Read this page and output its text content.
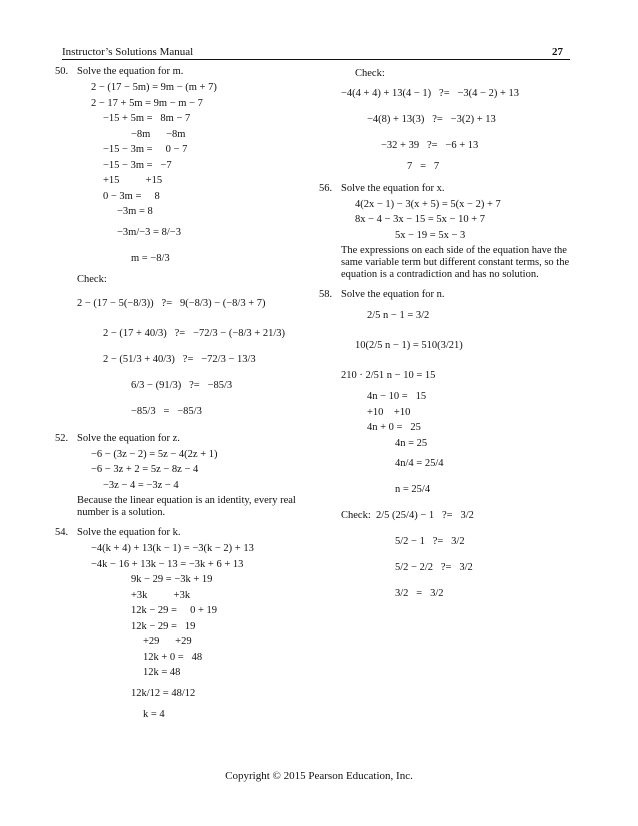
Instructor’s Solutions Manual	27
50. Solve the equation for m.
2 − (17 − 5m) = 9m − (m + 7)
2 − 17 + 5m = 9m − m − 7
−15 + 5m =   8m − 7
−8m      −8m
−15 − 3m =     0 − 7
−15 − 3m =   −7
+15          +15
0 − 3m =     8
−3m = 8
−3m/−3 = 8/−3
m = −8/3
Check:
2 − (17 − 5(−8/3))   ?=   9(−8/3) − (−8/3 + 7)
2 − (17 + 40/3)   ?=   −72/3 − (−8/3 + 21/3)
2 − (51/3 + 40/3)   ?=   −72/3 − 13/3
6/3 − (91/3)   ?=   −85/3
−85/3   =   −85/3
52. Solve the equation for z.
−6 − (3z − 2) = 5z − 4(2z + 1)
−6 − 3z + 2 = 5z − 8z − 4
−3z − 4 = −3z − 4
Because the linear equation is an identity, every real number is a solution.
54. Solve the equation for k.
−4(k + 4) + 13(k − 1) = −3(k − 2) + 13
−4k − 16 + 13k − 13 = −3k + 6 + 13
9k − 29 = −3k + 19
+3k          +3k
12k − 29 =     0 + 19
12k − 29 =   19
+29      +29
12k + 0 =   48
12k = 48
12k/12 = 48/12
k = 4
Check:
−4(4 + 4) + 13(4 − 1)   ?=   −3(4 − 2) + 13
−4(8) + 13(3)   ?=   −3(2) + 13
−32 + 39   ?=   −6 + 13
7   =   7
56. Solve the equation for x.
4(2x − 1) − 3(x + 5) = 5(x − 2) + 7
8x − 4 − 3x − 15 = 5x − 10 + 7
5x − 19 = 5x − 3
The expressions on each side of the equation have the same variable term but different constant terms, so the equation is a contradiction and has no solution.
58. Solve the equation for n.
2/5 n − 1 = 3/2
10(2/5 n − 1) = 510(3/21)
210 · 2/51 n − 10 = 15
4n − 10 =   15
+10    +10
4n + 0 =   25
4n = 25
4n/4 = 25/4
n = 25/4
Check: 2/5 (25/4) − 1   ?=   3/2
5/2 − 1   ?=   3/2
5/2 − 2/2   ?=   3/2
3/2   =   3/2
Copyright © 2015 Pearson Education, Inc.
